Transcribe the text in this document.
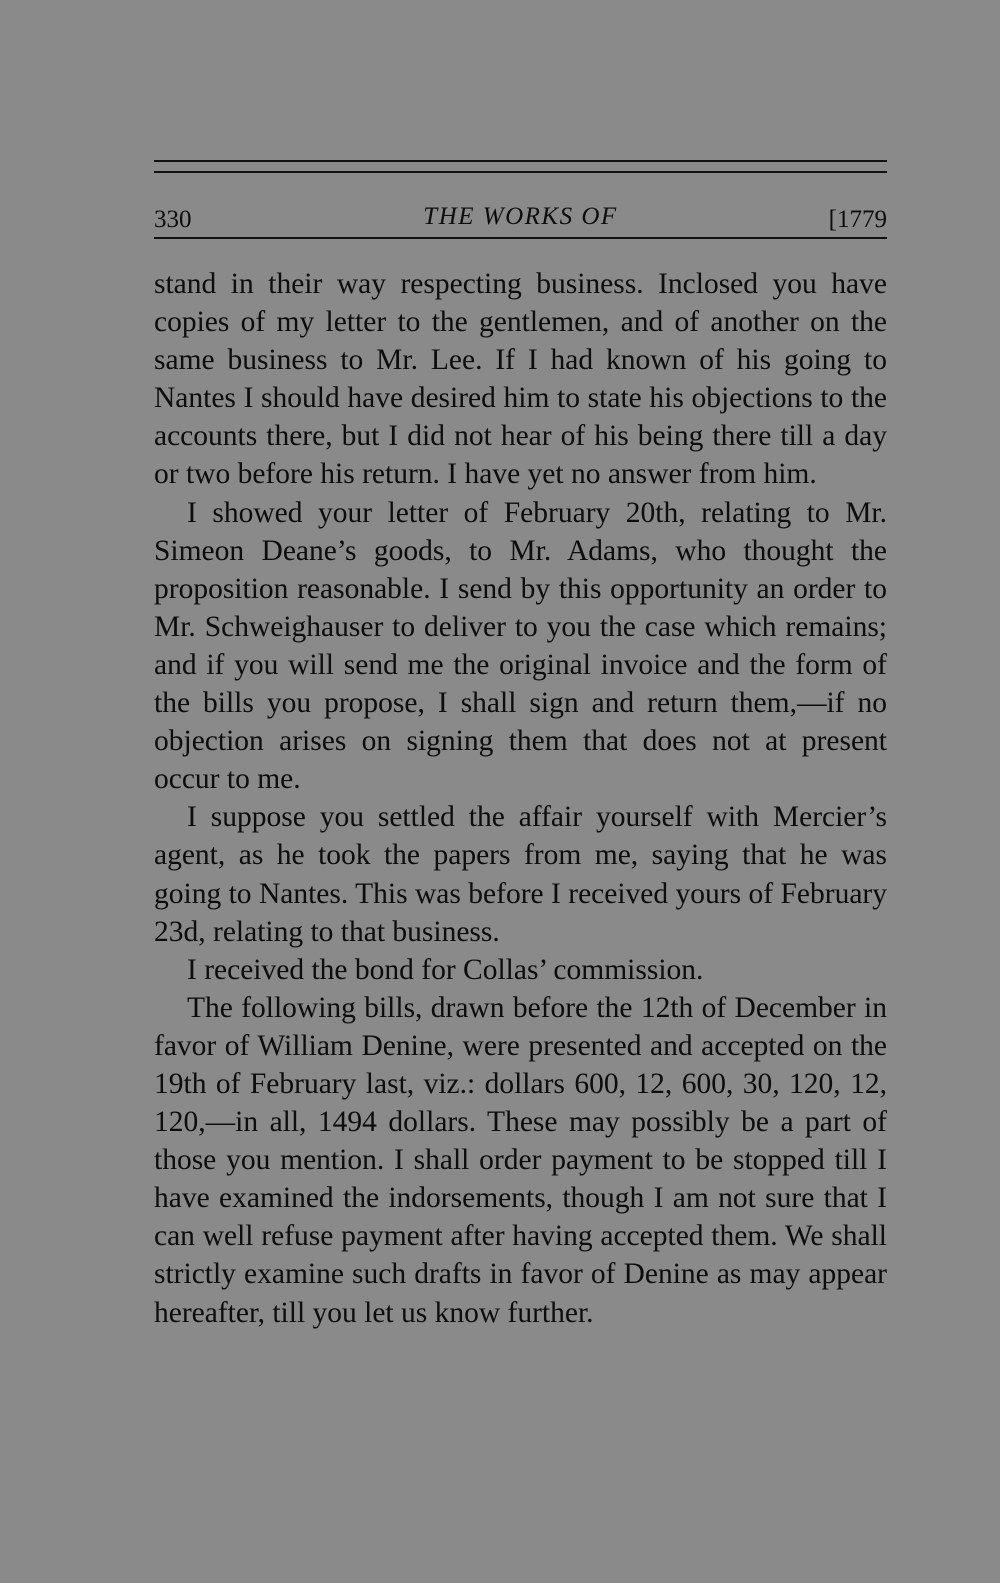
330	THE WORKS OF	[1779

stand in their way respecting business. Inclosed you have copies of my letter to the gentlemen, and of another on the same business to Mr. Lee. If I had known of his going to Nantes I should have desired him to state his objections to the accounts there, but I did not hear of his being there till a day or two before his return. I have yet no answer from him.

I showed your letter of February 20th, relating to Mr. Simeon Deane’s goods, to Mr. Adams, who thought the proposition reasonable. I send by this opportunity an order to Mr. Schweighauser to deliver to you the case which remains; and if you will send me the original invoice and the form of the bills you propose, I shall sign and return them,—if no objection arises on signing them that does not at present occur to me.

I suppose you settled the affair yourself with Mercier’s agent, as he took the papers from me, saying that he was going to Nantes. This was before I received yours of February 23d, relating to that business.

I received the bond for Collas’ commission.

The following bills, drawn before the 12th of December in favor of William Denine, were presented and accepted on the 19th of February last, viz.: dollars 600, 12, 600, 30, 120, 12, 120,—in all, 1494 dollars. These may possibly be a part of those you mention. I shall order payment to be stopped till I have examined the indorsements, though I am not sure that I can well refuse payment after having accepted them. We shall strictly examine such drafts in favor of Denine as may appear hereafter, till you let us know further.
